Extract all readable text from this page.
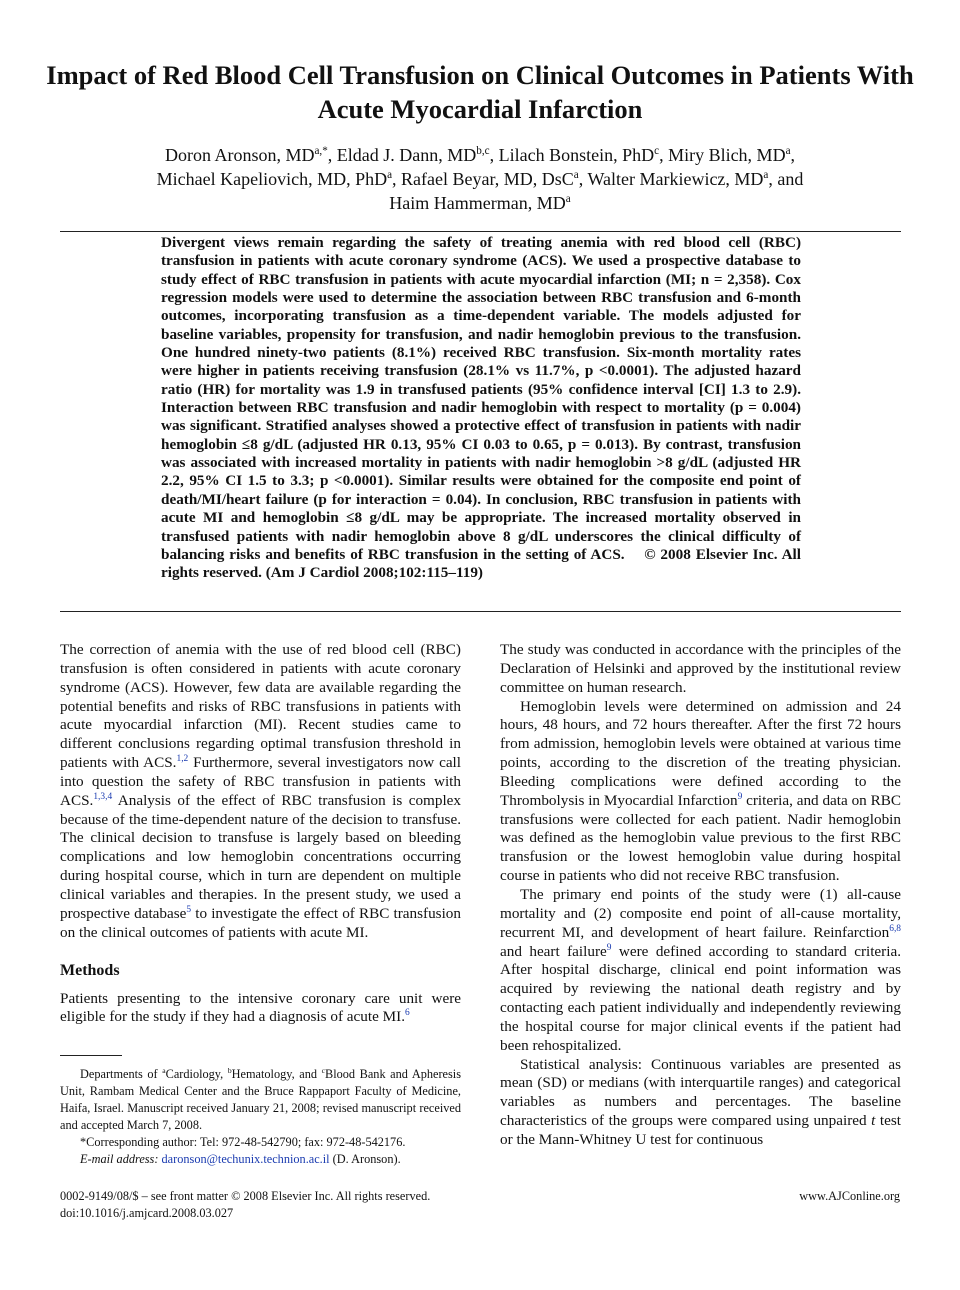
Impact of Red Blood Cell Transfusion on Clinical Outcomes in Patients With Acute Myocardial Infarction
Doron Aronson, $MD^{a,*}$, Eldad J. Dann, MD$^{b,c}$, Lilach Bonstein, PhD$^c$, Miry Blich, $MD^a$,
Michael Kapeliovich, MD, PhD$^a$, Rafael Beyar, MD, DsC$^a$, Walter Markiewicz, $MD^a$, and
Haim Hammerman, $MD^a$
Divergent views remain regarding the safety of treating anemia with red blood cell (RBC) transfusion in patients with acute coronary syndrome (ACS). We used a prospective database to study effect of RBC transfusion in patients with acute myocardial infarction (MI; n = 2,358). Cox regression models were used to determine the association between RBC transfusion and 6-month outcomes, incorporating transfusion as a time-dependent variable. The models adjusted for baseline variables, propensity for transfusion, and nadir hemoglobin previous to the transfusion. One hundred ninety-two patients (8.1%) received RBC transfusion. Six-month mortality rates were higher in patients receiving transfusion (28.1% vs 11.7%, p <0.0001). The adjusted hazard ratio (HR) for mortality was 1.9 in transfused patients (95% confidence interval [CI] 1.3 to 2.9). Interaction between RBC transfusion and nadir hemoglobin with respect to mortality (p = 0.004) was significant. Stratified analyses showed a protective effect of transfusion in patients with nadir hemoglobin ≤8 g/dL (adjusted HR 0.13, 95% CI 0.03 to 0.65, p = 0.013). By contrast, transfusion was associated with increased mortality in patients with nadir hemoglobin >8 g/dL (adjusted HR 2.2, 95% CI 1.5 to 3.3; p <0.0001). Similar results were obtained for the composite end point of death/MI/heart failure (p for interaction = 0.04). In conclusion, RBC transfusion in patients with acute MI and hemoglobin ≤8 g/dL may be appropriate. The increased mortality observed in transfused patients with nadir hemoglobin above 8 g/dL underscores the clinical difficulty of balancing risks and benefits of RBC transfusion in the setting of ACS. © 2008 Elsevier Inc. All rights reserved. (Am J Cardiol 2008;102:115–119)

The correction of anemia with the use of red blood cell (RBC) transfusion is often considered in patients with acute coronary syndrome (ACS). However, few data are available regarding the potential benefits and risks of RBC transfusions in patients with acute myocardial infarction (MI). Recent studies came to different conclusions regarding optimal transfusion threshold in patients with ACS.$^{1,2}$ Furthermore, several investigators now call into question the safety of RBC transfusion in patients with ACS.$^{1,3,4}$ Analysis of the effect of RBC transfusion is complex because of the time-dependent nature of the decision to transfuse. The clinical decision to transfuse is largely based on bleeding complications and low hemoglobin concentrations occurring during hospital course, which in turn are dependent on multiple clinical variables and therapies. In the present study, we used a prospective database$^5$ to investigate the effect of RBC transfusion on the clinical outcomes of patients with acute MI.

Methods

Patients presenting to the intensive coronary care unit were eligible for the study if they had a diagnosis of acute MI.$^6$

Departments of $^a$Cardiology, $^b$Hematology, and $^c$Blood Bank and Apheresis Unit, Rambam Medical Center and the Bruce Rappaport Faculty of Medicine, Haifa, Israel. Manuscript received January 21, 2008; revised manuscript received and accepted March 7, 2008.

*Corresponding author: Tel: 972-48-542790; fax: 972-48-542176.

E-mail address: daronson@techunix.technion.ac.il (D. Aronson).

The study was conducted in accordance with the principles of the Declaration of Helsinki and approved by the institutional review committee on human research.

Hemoglobin levels were determined on admission and 24 hours, 48 hours, and 72 hours thereafter. After the first 72 hours from admission, hemoglobin levels were obtained at various time points, according to the discretion of the treating physician. Bleeding complications were defined according to the Thrombolysis in Myocardial Infarction$^9$ criteria, and data on RBC transfusions were collected for each patient. Nadir hemoglobin was defined as the hemoglobin value previous to the first RBC transfusion or the lowest hemoglobin value during hospital course in patients who did not receive RBC transfusion.

The primary end points of the study were (1) all-cause mortality and (2) composite end point of all-cause mortality, recurrent MI, and development of heart failure. Reinfarction$^{6,8}$ and heart failure$^9$ were defined according to standard criteria. After hospital discharge, clinical end point information was acquired by reviewing the national death registry and by contacting each patient individually and independently reviewing the hospital course for major clinical events if the patient had been rehospitalized.

Statistical analysis: Continuous variables are presented as mean (SD) or medians (with interquartile ranges) and categorical variables as numbers and percentages. The baseline characteristics of the groups were compared using unpaired t test or the Mann-Whitney U test for continuous

0002-9149/08/$ – see front matter © 2008 Elsevier Inc. All rights reserved.
doi:10.1016/j.amjcard.2008.03.027
www.AJConline.org
